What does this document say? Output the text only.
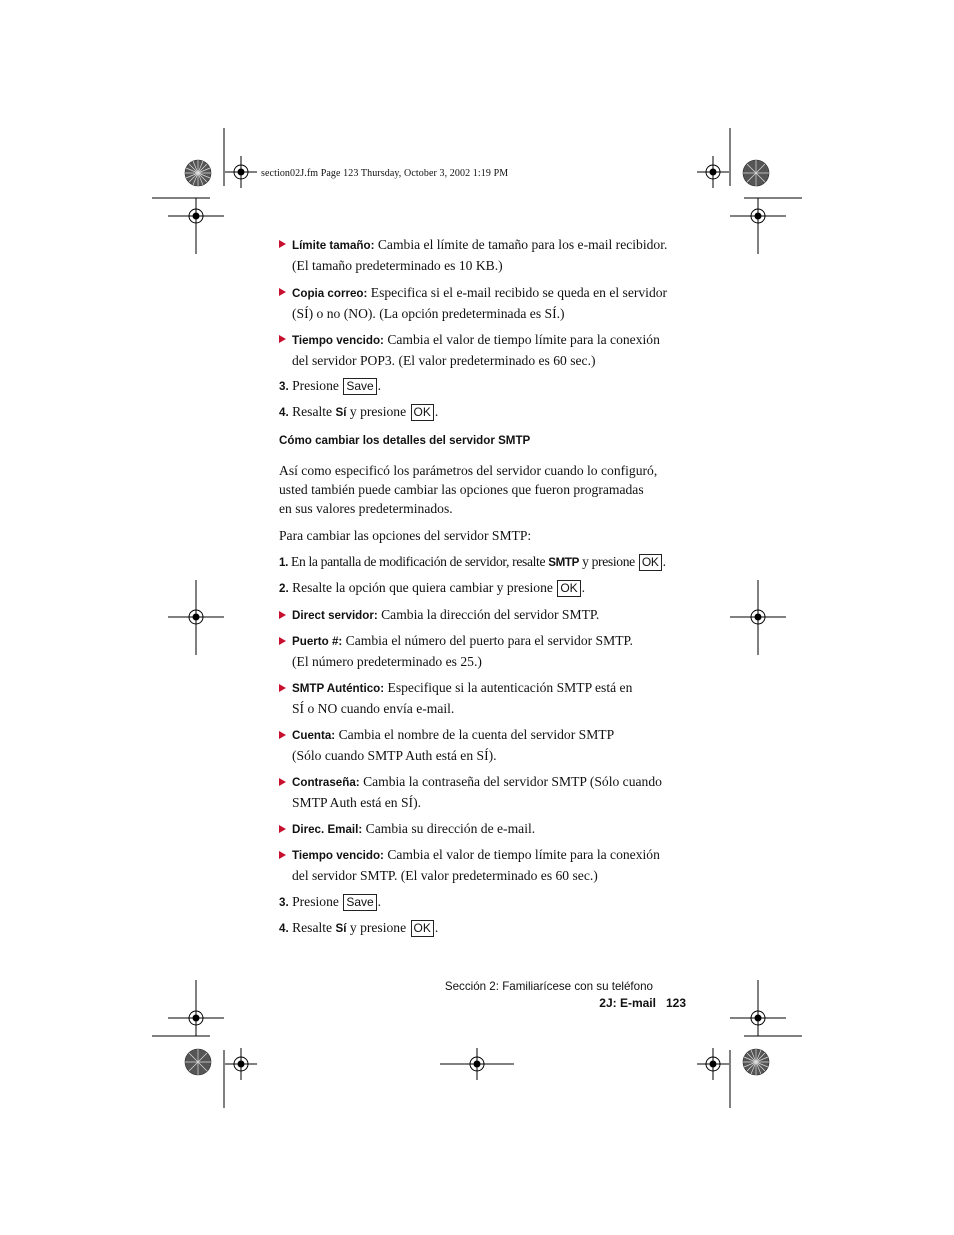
section02J.fm Page 123 Thursday, October 3, 2002 1:19 PM
Límite tamaño: Cambia el límite de tamaño para los e-mail recibidor.
(El tamaño predeterminado es 10 KB.)
Copia correo: Especifica si el e-mail recibido se queda en el servidor
(SÍ) o no (NO). (La opción predeterminada es SÍ.)
Tiempo vencido: Cambia el valor de tiempo límite para la conexión
del servidor POP3. (El valor predeterminado es 60 sec.)
3. Presione Save .
4. Resalte Sí y presione OK .
Cómo cambiar los detalles del servidor SMTP
Así como especificó los parámetros del servidor cuando lo configuró,
usted también puede cambiar las opciones que fueron programadas
en sus valores predeterminados.
Para cambiar las opciones del servidor SMTP:
1. En la pantalla de modificación de servidor, resalte SMTP y presione OK .
2. Resalte la opción que quiera cambiar y presione OK .
Direct servidor: Cambia la dirección del servidor SMTP.
Puerto #: Cambia el número del puerto para el servidor SMTP.
(El número predeterminado es 25.)
SMTP Auténtico: Especifique si la autenticación SMTP está en
SÍ o NO cuando envía e-mail.
Cuenta: Cambia el nombre de la cuenta del servidor SMTP
(Sólo cuando SMTP Auth está en SÍ).
Contraseña: Cambia la contraseña del servidor SMTP (Sólo cuando
SMTP Auth está en SÍ).
Direc. Email: Cambia su dirección de e-mail.
Tiempo vencido: Cambia el valor de tiempo límite para la conexión
del servidor SMTP. (El valor predeterminado es 60 sec.)
3. Presione Save .
4. Resalte Sí y presione OK .
Sección 2: Familiarícese con su teléfono
2J: E-mail 123
